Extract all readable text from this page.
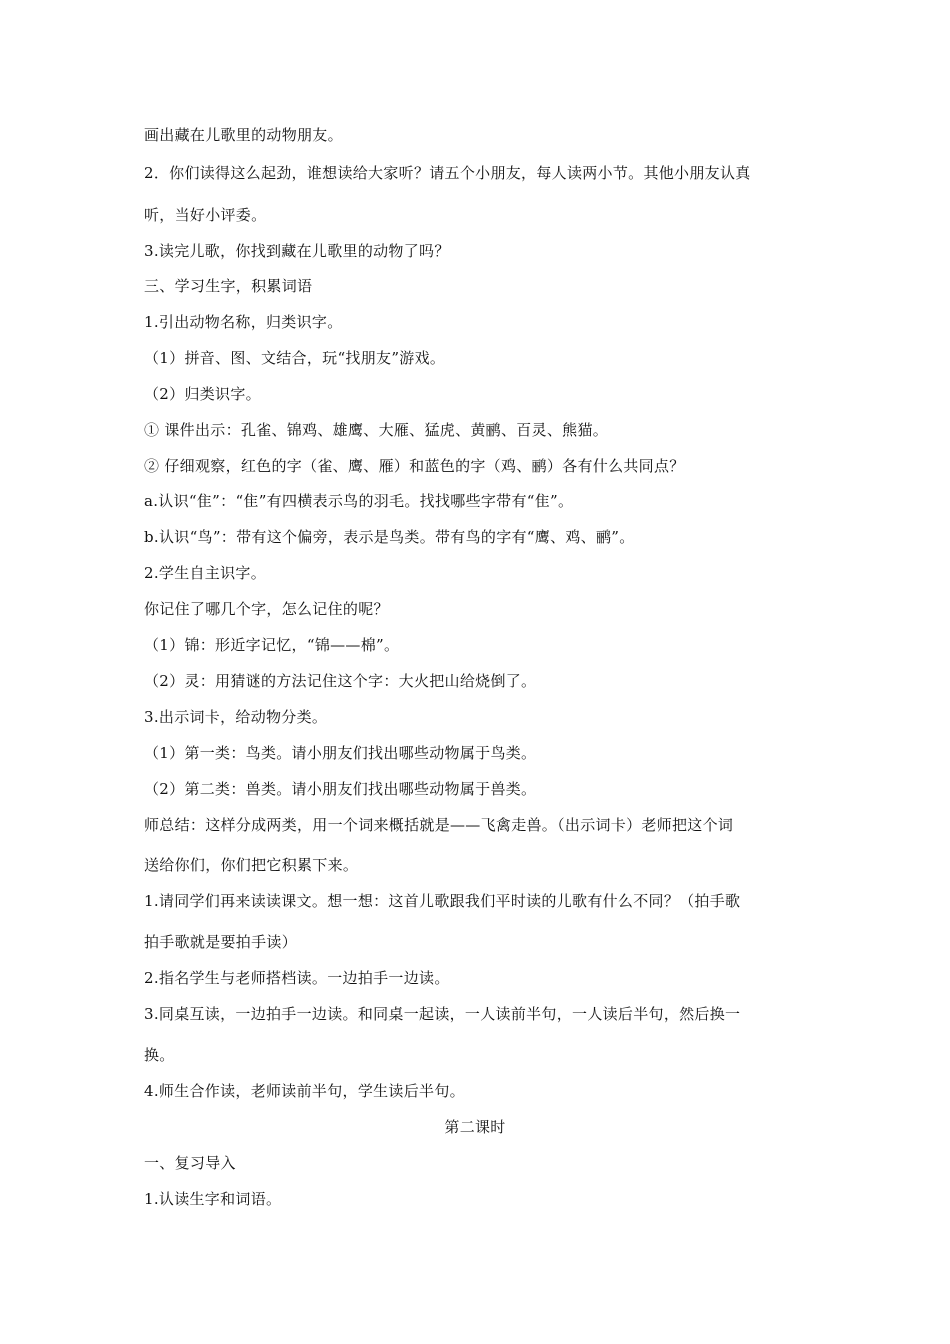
画出藏在儿歌里的动物朋友。
2．你们读得这么起劲，谁想读给大家听？请五个小朋友，每人读两小节。其他小朋友认真
听，当好小评委。
3.读完儿歌，你找到藏在儿歌里的动物了吗？
三、学习生字，积累词语
1.引出动物名称，归类识字。
（1）拼音、图、文结合，玩“找朋友”游戏。
（2）归类识字。
① 课件出示：孔雀、锦鸡、雄鹰、大雁、猛虎、黄鹂、百灵、熊猫。
② 仔细观察，红色的字（雀、鹰、雁）和蓝色的字（鸡、鹂）各有什么共同点？
a.认识“隹”：“隹”有四横表示鸟的羽毛。找找哪些字带有“隹”。
b.认识“鸟”：带有这个偏旁，表示是鸟类。带有鸟的字有“鹰、鸡、鹂”。
2.学生自主识字。
你记住了哪几个字，怎么记住的呢？
（1）锦：形近字记忆，“锦——棉”。
（2）灵：用猜谜的方法记住这个字：大火把山给烧倒了。
3.出示词卡，给动物分类。
（1）第一类：鸟类。请小朋友们找出哪些动物属于鸟类。
（2）第二类：兽类。请小朋友们找出哪些动物属于兽类。
师总结：这样分成两类，用一个词来概括就是——飞禽走兽。（出示词卡）老师把这个词
送给你们，你们把它积累下来。
1.请同学们再来读读课文。想一想：这首儿歌跟我们平时读的儿歌有什么不同？（拍手歌
拍手歌就是要拍手读）
2.指名学生与老师搭档读。一边拍手一边读。
3.同桌互读，一边拍手一边读。和同桌一起读，一人读前半句，一人读后半句，然后换一
换。
4.师生合作读，老师读前半句，学生读后半句。
第二课时
一、复习导入
1.认读生字和词语。
